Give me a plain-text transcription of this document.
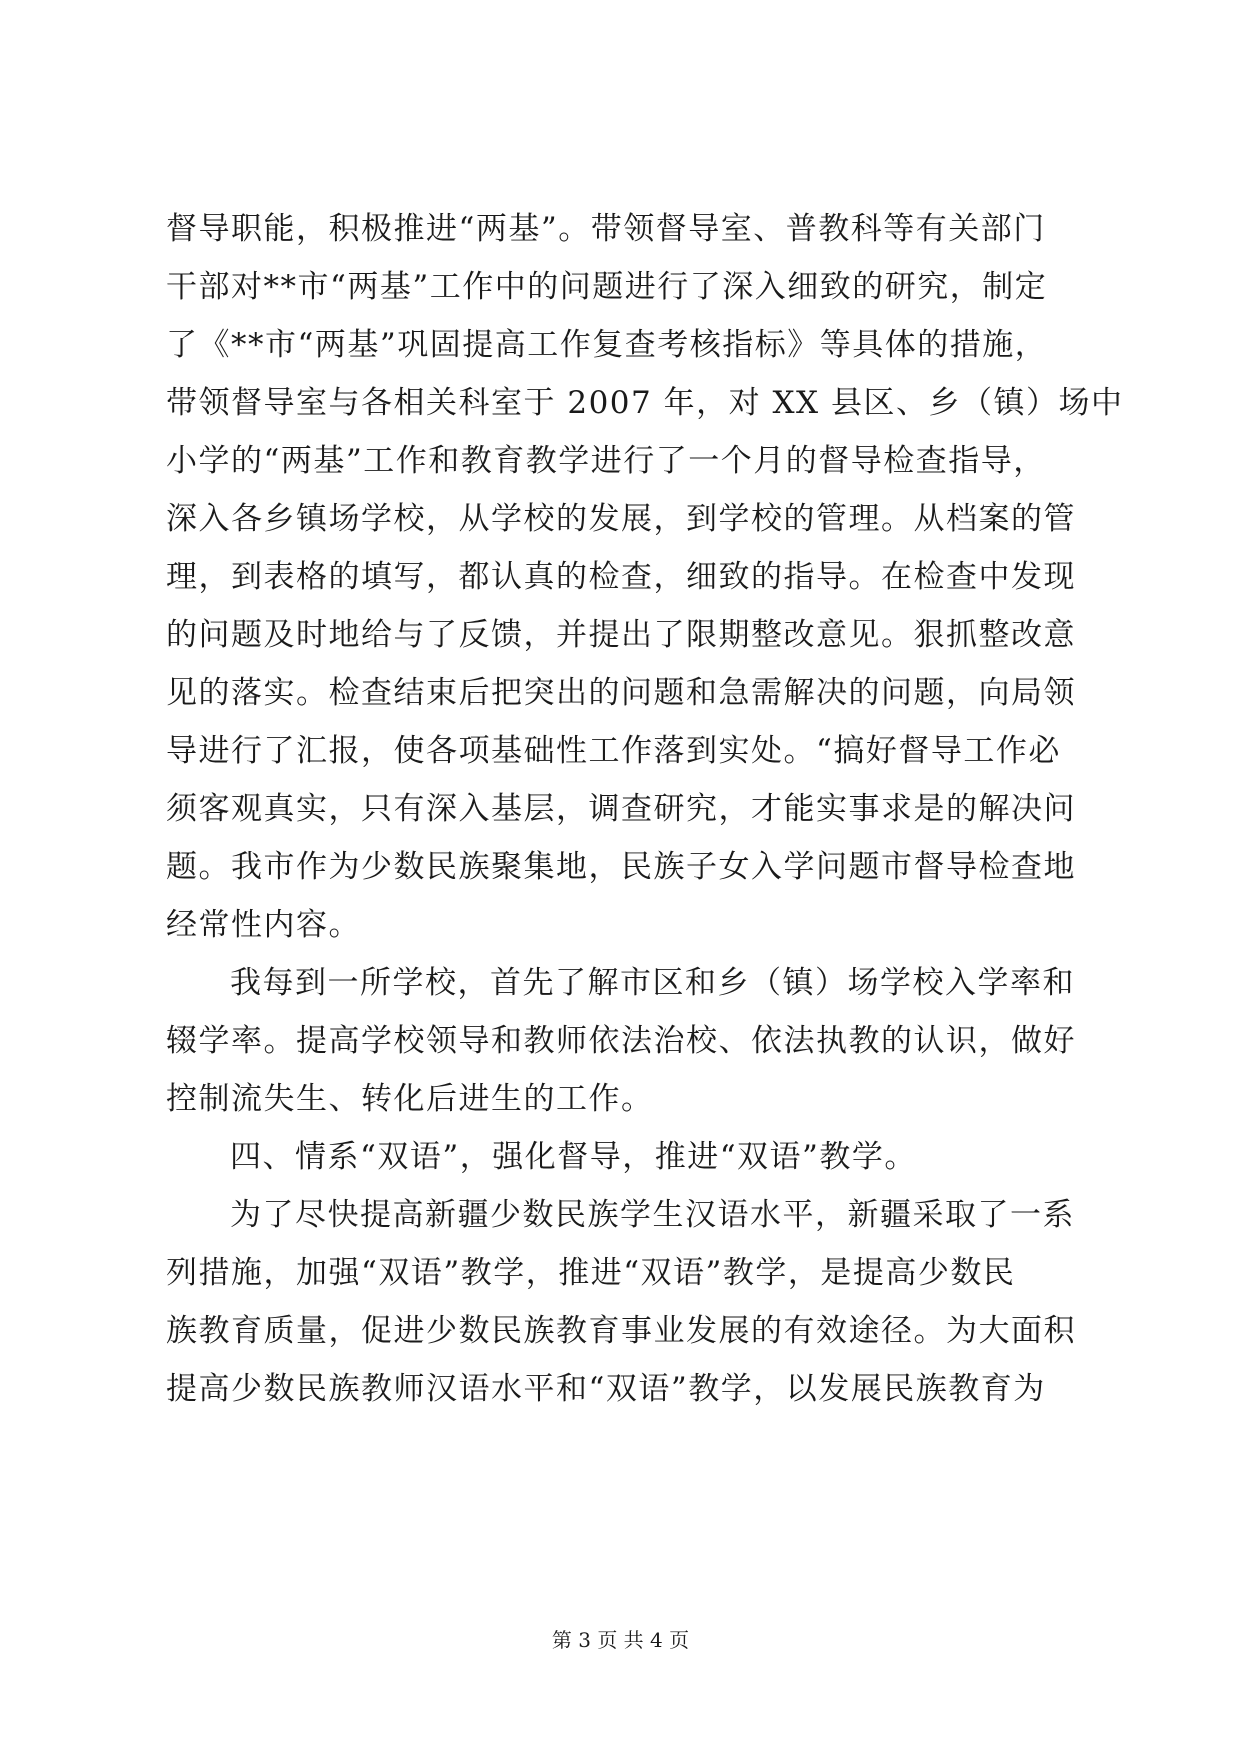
督导职能，积极推进“两基”。带领督导室、普教科等有关部门
干部对**市“两基”工作中的问题进行了深入细致的研究，制定
了《**市“两基”巩固提高工作复查考核指标》等具体的措施，
带领督导室与各相关科室于 2007 年，对 XX 县区、乡（镇）场中
小学的“两基”工作和教育教学进行了一个月的督导检查指导，
深入各乡镇场学校，从学校的发展，到学校的管理。从档案的管
理，到表格的填写，都认真的检查，细致的指导。在检查中发现
的问题及时地给与了反馈，并提出了限期整改意见。狠抓整改意
见的落实。检查结束后把突出的问题和急需解决的问题，向局领
导进行了汇报，使各项基础性工作落到实处。“搞好督导工作必
须客观真实，只有深入基层，调查研究，才能实事求是的解决问
题。我市作为少数民族聚集地，民族子女入学问题市督导检查地
经常性内容。
我每到一所学校，首先了解市区和乡（镇）场学校入学率和
辍学率。提高学校领导和教师依法治校、依法执教的认识，做好
控制流失生、转化后进生的工作。
四、情系“双语”，强化督导，推进“双语”教学。
为了尽快提高新疆少数民族学生汉语水平，新疆采取了一系
列措施，加强“双语”教学，推进“双语”教学，是提高少数民
族教育质量，促进少数民族教育事业发展的有效途径。为大面积
提高少数民族教师汉语水平和“双语”教学，以发展民族教育为
第 3 页 共 4 页
